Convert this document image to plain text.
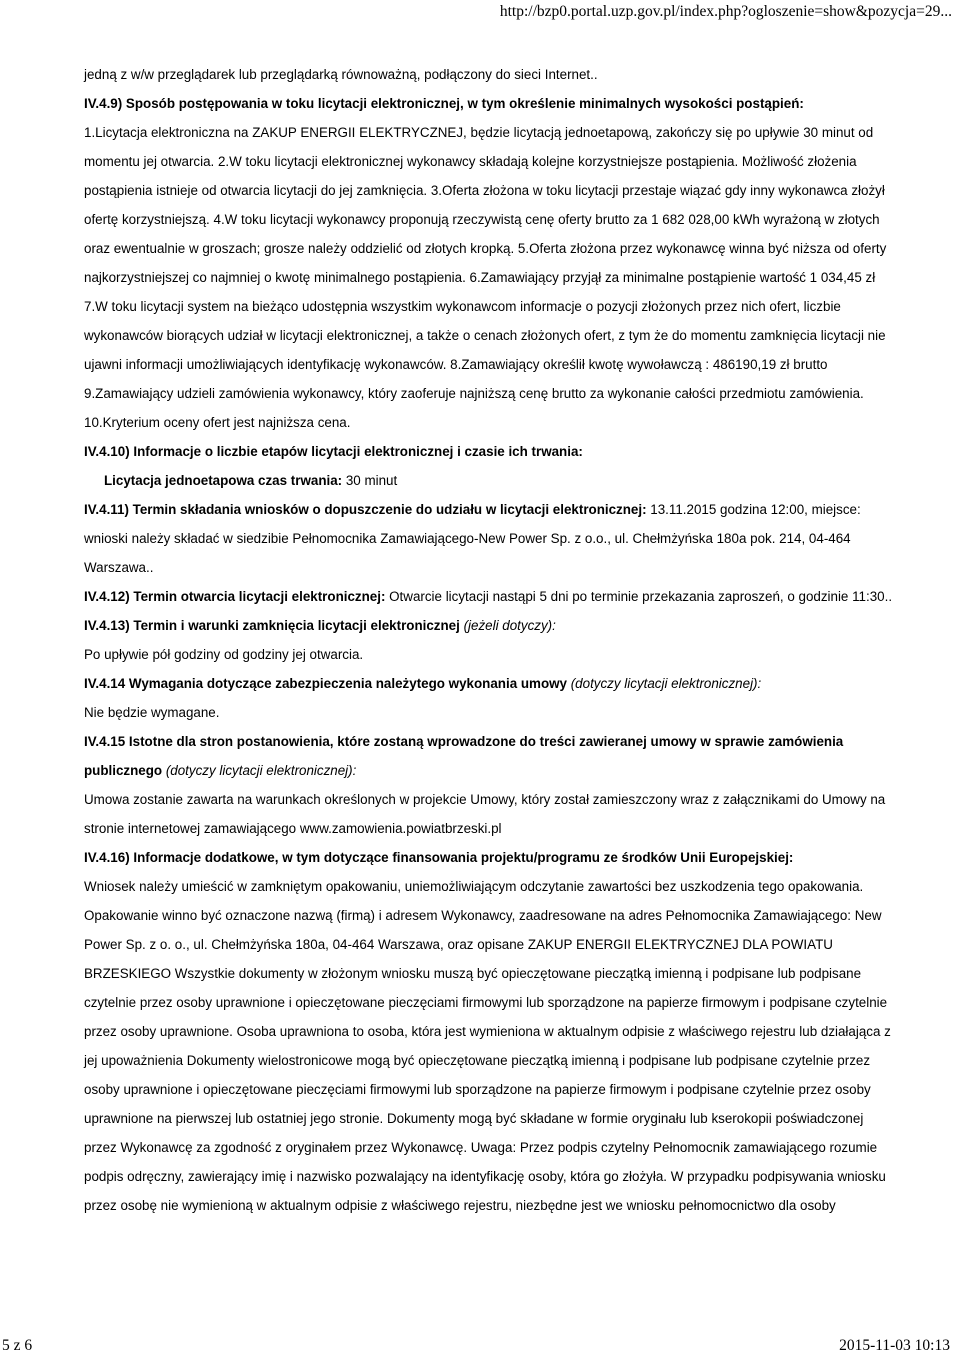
http://bzp0.portal.uzp.gov.pl/index.php?ogloszenie=show&pozycja=29...

jedną z w/w przeglądarek lub przeglądarką równoważną, podłączony do sieci Internet..

IV.4.9) Sposób postępowania w toku licytacji elektronicznej, w tym określenie minimalnych wysokości postąpień:

1.Licytacja elektroniczna na ZAKUP ENERGII ELEKTRYCZNEJ, będzie licytacją jednoetapową, zakończy się po upływie 30 minut od momentu jej otwarcia. 2.W toku licytacji elektronicznej wykonawcy składają kolejne korzystniejsze postąpienia. Możliwość złożenia postąpienia istnieje od otwarcia licytacji do jej zamknięcia. 3.Oferta złożona w toku licytacji przestaje wiązać gdy inny wykonawca złożył ofertę korzystniejszą. 4.W toku licytacji wykonawcy proponują rzeczywistą cenę oferty brutto za 1 682 028,00 kWh wyrażoną w złotych oraz ewentualnie w groszach; grosze należy oddzielić od złotych kropką. 5.Oferta złożona przez wykonawcę winna być niższa od oferty najkorzystniejszej co najmniej o kwotę minimalnego postąpienia. 6.Zamawiający przyjął za minimalne postąpienie wartość 1 034,45 zł 7.W toku licytacji system na bieżąco udostępnia wszystkim wykonawcom informacje o pozycji złożonych przez nich ofert, liczbie wykonawców biorących udział w licytacji elektronicznej, a także o cenach złożonych ofert, z tym że do momentu zamknięcia licytacji nie ujawni informacji umożliwiających identyfikację wykonawców. 8.Zamawiający określił kwotę wywoławczą : 486190,19 zł brutto 9.Zamawiający udzieli zamówienia wykonawcy, który zaoferuje najniższą cenę brutto za wykonanie całości przedmiotu zamówienia. 10.Kryterium oceny ofert jest najniższa cena.

IV.4.10) Informacje o liczbie etapów licytacji elektronicznej i czasie ich trwania:

Licytacja jednoetapowa czas trwania: 30 minut

IV.4.11) Termin składania wniosków o dopuszczenie do udziału w licytacji elektronicznej: 13.11.2015 godzina 12:00, miejsce: wnioski należy składać w siedzibie Pełnomocnika Zamawiającego-New Power Sp. z o.o., ul. Chełmżyńska 180a pok. 214, 04-464 Warszawa..

IV.4.12) Termin otwarcia licytacji elektronicznej: Otwarcie licytacji nastąpi 5 dni po terminie przekazania zaproszeń, o godzinie 11:30..

IV.4.13) Termin i warunki zamknięcia licytacji elektronicznej (jeżeli dotyczy):

Po upływie pół godziny od godziny jej otwarcia.

IV.4.14 Wymagania dotyczące zabezpieczenia należytego wykonania umowy (dotyczy licytacji elektronicznej):

Nie będzie wymagane.

IV.4.15 Istotne dla stron postanowienia, które zostaną wprowadzone do treści zawieranej umowy w sprawie zamówienia publicznego (dotyczy licytacji elektronicznej):

Umowa zostanie zawarta na warunkach określonych w projekcie Umowy, który został zamieszczony wraz z załącznikami do Umowy na stronie internetowej zamawiającego www.zamowienia.powiatbrzeski.pl

IV.4.16) Informacje dodatkowe, w tym dotyczące finansowania projektu/programu ze środków Unii Europejskiej:

Wniosek należy umieścić w zamkniętym opakowaniu, uniemożliwiającym odczytanie zawartości bez uszkodzenia tego opakowania. Opakowanie winno być oznaczone nazwą (firmą) i adresem Wykonawcy, zaadresowane na adres Pełnomocnika Zamawiającego: New Power Sp. z o. o., ul. Chełmżyńska 180a, 04-464 Warszawa, oraz opisane ZAKUP ENERGII ELEKTRYCZNEJ DLA POWIATU BRZESKIEGO Wszystkie dokumenty w złożonym wniosku muszą być opieczętowane pieczątką imienną i podpisane lub podpisane czytelnie przez osoby uprawnione i opieczętowane pieczęciami firmowymi lub sporządzone na papierze firmowym i podpisane czytelnie przez osoby uprawnione. Osoba uprawniona to osoba, która jest wymieniona w aktualnym odpisie z właściwego rejestru lub działająca z jej upoważnienia Dokumenty wielostronicowe mogą być opieczętowane pieczątką imienną i podpisane lub podpisane czytelnie przez osoby uprawnione i opieczętowane pieczęciami firmowymi lub sporządzone na papierze firmowym i podpisane czytelnie przez osoby uprawnione na pierwszej lub ostatniej jego stronie. Dokumenty mogą być składane w formie oryginału lub kserokopii poświadczonej przez Wykonawcę za zgodność z oryginałem przez Wykonawcę. Uwaga: Przez podpis czytelny Pełnomocnik zamawiającego rozumie podpis odręczny, zawierający imię i nazwisko pozwalający na identyfikację osoby, która go złożyła. W przypadku podpisywania wniosku przez osobę nie wymienioną w aktualnym odpisie z właściwego rejestru, niezbędne jest we wniosku pełnomocnictwo dla osoby

5 z 6	2015-11-03 10:13
